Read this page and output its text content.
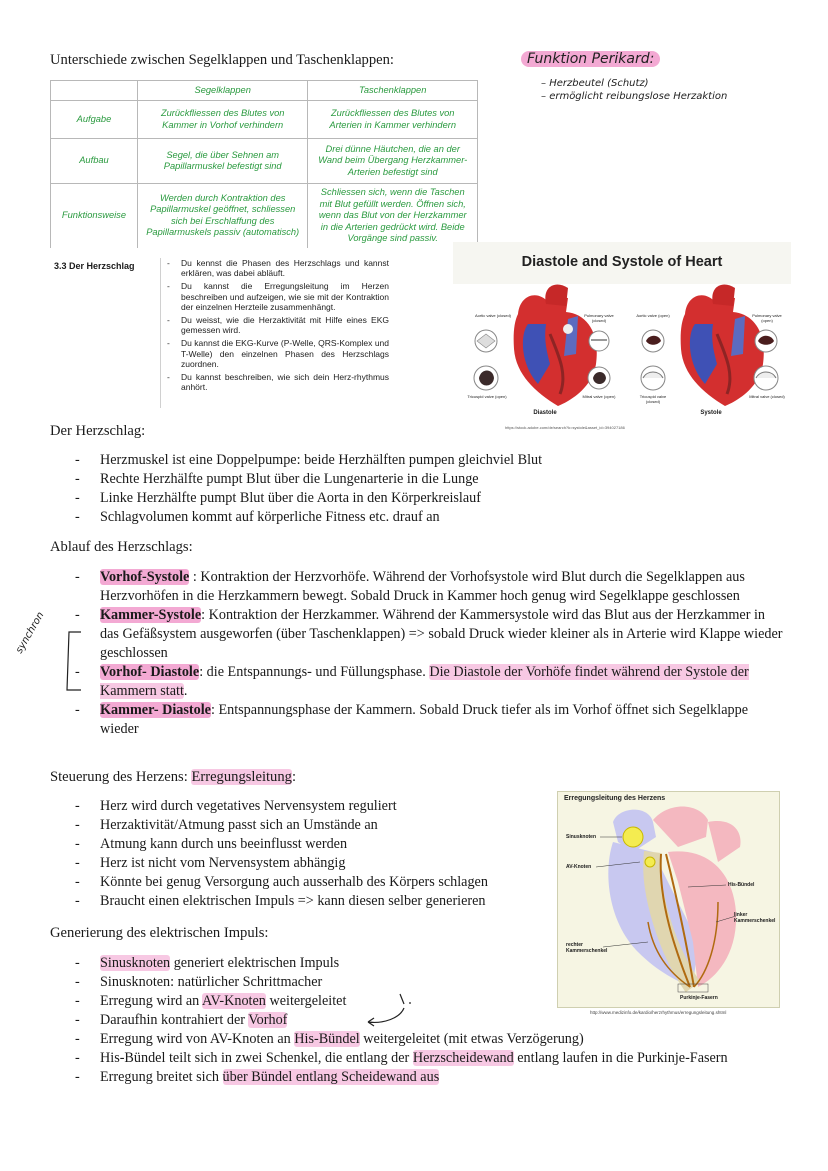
Unterschiede zwischen Segelklappen und Taschenklappen:
	Segelklappen	Taschenklappen
Aufgabe	Zurückfliessen des Blutes von Kammer in Vorhof verhindern	Zurückfliessen des Blutes von Arterien in Kammer verhindern
Aufbau	Segel, die über Sehnen am Papillarmuskel befestigt sind	Drei dünne Häutchen, die an der Wand beim Übergang Herzkammer-Arterien befestigt sind
Funktionsweise	Werden durch Kontraktion des Papillarmuskel geöffnet, schliessen sich bei Erschlaffung des Papillarmuskels passiv (automatisch)	Schliessen sich, wenn die Taschen mit Blut gefüllt werden. Öffnen sich, wenn das Blut von der Herzkammer in die Arterien gedrückt wird. Beide Vorgänge sind passiv.
Funktion Perikard:
– Herzbeutel (Schutz)
– ermöglicht reibungslose Herzaktion
3.3 Der Herzschlag	- Du kennst die Phasen des Herzschlags und kannst erklären, was dabei abläuft.
- Du kannst die Erregungsleitung im Herzen beschreiben und aufzeigen, wie sie mit der Kontraktion der einzelnen Herzteile zusammenhängt.
- Du weisst, wie die Herzaktivität mit Hilfe eines EKG gemessen wird.
- Du kannst die EKG-Kurve (P-Welle, QRS-Komplex und T-Welle) den einzelnen Phasen des Herzschlags zuordnen.
- Du kannst beschreiben, wie sich dein Herz-rhythmus anhört.
Diastole and Systole of Heart
Aortic valve (closed)	Pulmonary valve (closed)
Tricuspid valve (open)	Mitral valve (open)
Aortic valve (open)	Pulmonary valve (open)
Tricuspid valve (closed)
Mitral valve (closed)
Diastole	Systole
https://stock.adobe.com/de/search?k=systole&asset_id=394027186
Der Herzschlag:
- Herzmuskel ist eine Doppelpumpe: beide Herzhälften pumpen gleichviel Blut
- Rechte Herzhälfte pumpt Blut über die Lungenarterie in die Lunge
- Linke Herzhälfte pumpt Blut über die Aorta in den Körperkreislauf
- Schlagvolumen kommt auf körperliche Fitness etc. drauf an
Ablauf des Herzschlags:
- Vorhof-Systole : Kontraktion der Herzvorhöfe. Während der Vorhofsystole wird Blut durch die Segelklappen aus Herzvorhöfen in die Herzkammern bewegt. Sobald Druck in Kammer hoch genug wird Segelklappe geschlossen
- Kammer-Systole: Kontraktion der Herzkammer. Während der Kammersystole wird das Blut aus der Herzkammer in das Gefäßsystem ausgeworfen (über Taschenklappen) => sobald Druck wieder kleiner als in Arterie wird Klappe wieder geschlossen
- Vorhof- Diastole: die Entspannungs- und Füllungsphase. Die Diastole der Vorhöfe findet während der Systole der Kammern statt.
- Kammer- Diastole: Entspannungsphase der Kammern. Sobald Druck tiefer als im Vorhof öffnet sich Segelklappe wieder
synchron
Steuerung des Herzens: Erregungsleitung:
- Herz wird durch vegetatives Nervensystem reguliert
- Herzaktivität/Atmung passt sich an Umstände an
- Atmung kann durch uns beeinflusst werden
- Herz ist nicht vom Nervensystem abhängig
- Könnte bei genug Versorgung auch ausserhalb des Körpers schlagen
- Braucht einen elektrischen Impuls => kann diesen selber generieren
Generierung des elektrischen Impuls:
- Sinusknoten generiert elektrischen Impuls
- Sinusknoten: natürlicher Schrittmacher
- Erregung wird an AV-Knoten weitergeleitet
- Daraufhin kontrahiert der Vorhof
- Erregung wird von AV-Knoten an His-Bündel weitergeleitet (mit etwas Verzögerung)
- His-Bündel teilt sich in zwei Schenkel, die entlang der Herzscheidewand entlang laufen in die Purkinje-Fasern
- Erregung breitet sich über Bündel entlang Scheidewand aus
Erregungsleitung des Herzens
Sinusknoten
AV-Knoten
His-Bündel
linker Kammerschenkel
rechter Kammerschenkel
Purkinje-Fasern
http://www.medizinfo.de/kardio/herzrhythmus/erregungsleitung.shtml
